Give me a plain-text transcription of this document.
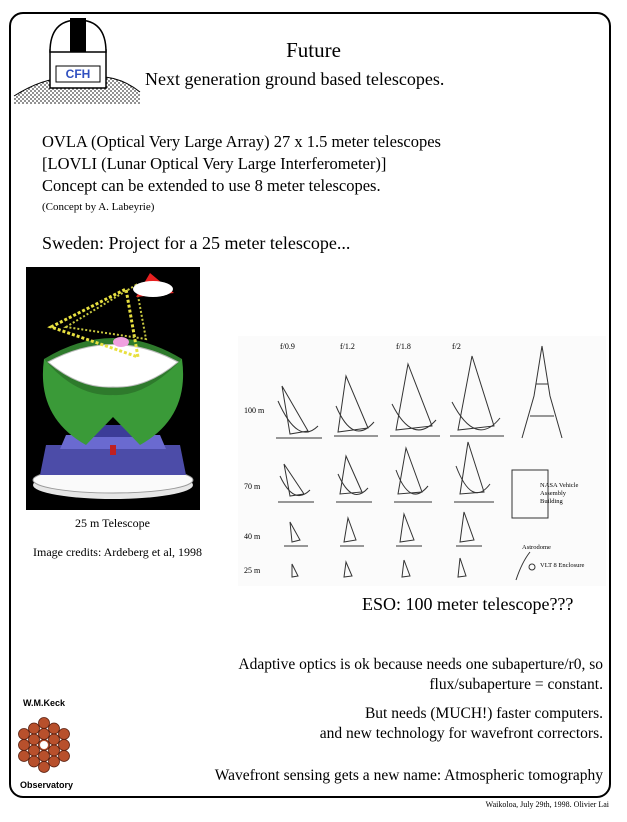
CFH
Future
Next generation ground based telescopes.
OVLA (Optical Very Large Array) 27 x 1.5 meter telescopes
[LOVLI (Lunar Optical Very Large Interferometer)]
Concept can be extended to use 8 meter telescopes.
(Concept by A. Labeyrie)
Sweden: Project for a 25 meter telescope...
25 m Telescope
Image credits: Ardeberg et al, 1998
f/0.9	f/1.2	f/1.8	f/2
100 m
70 m
40 m
25 m
NASA Vehicle
Assembly
Building
Astrodome
VLT 8 Enclosure
ESO: 100 meter telescope???
Adaptive optics is ok because needs one subaperture/r0, so
flux/subaperture = constant.
But needs (MUCH!) faster computers.
and new technology for wavefront correctors.
Wavefront sensing gets a new name: Atmospheric tomography
W.M.Keck
Observatory
Waikoloa, July 29th, 1998. Olivier Lai
